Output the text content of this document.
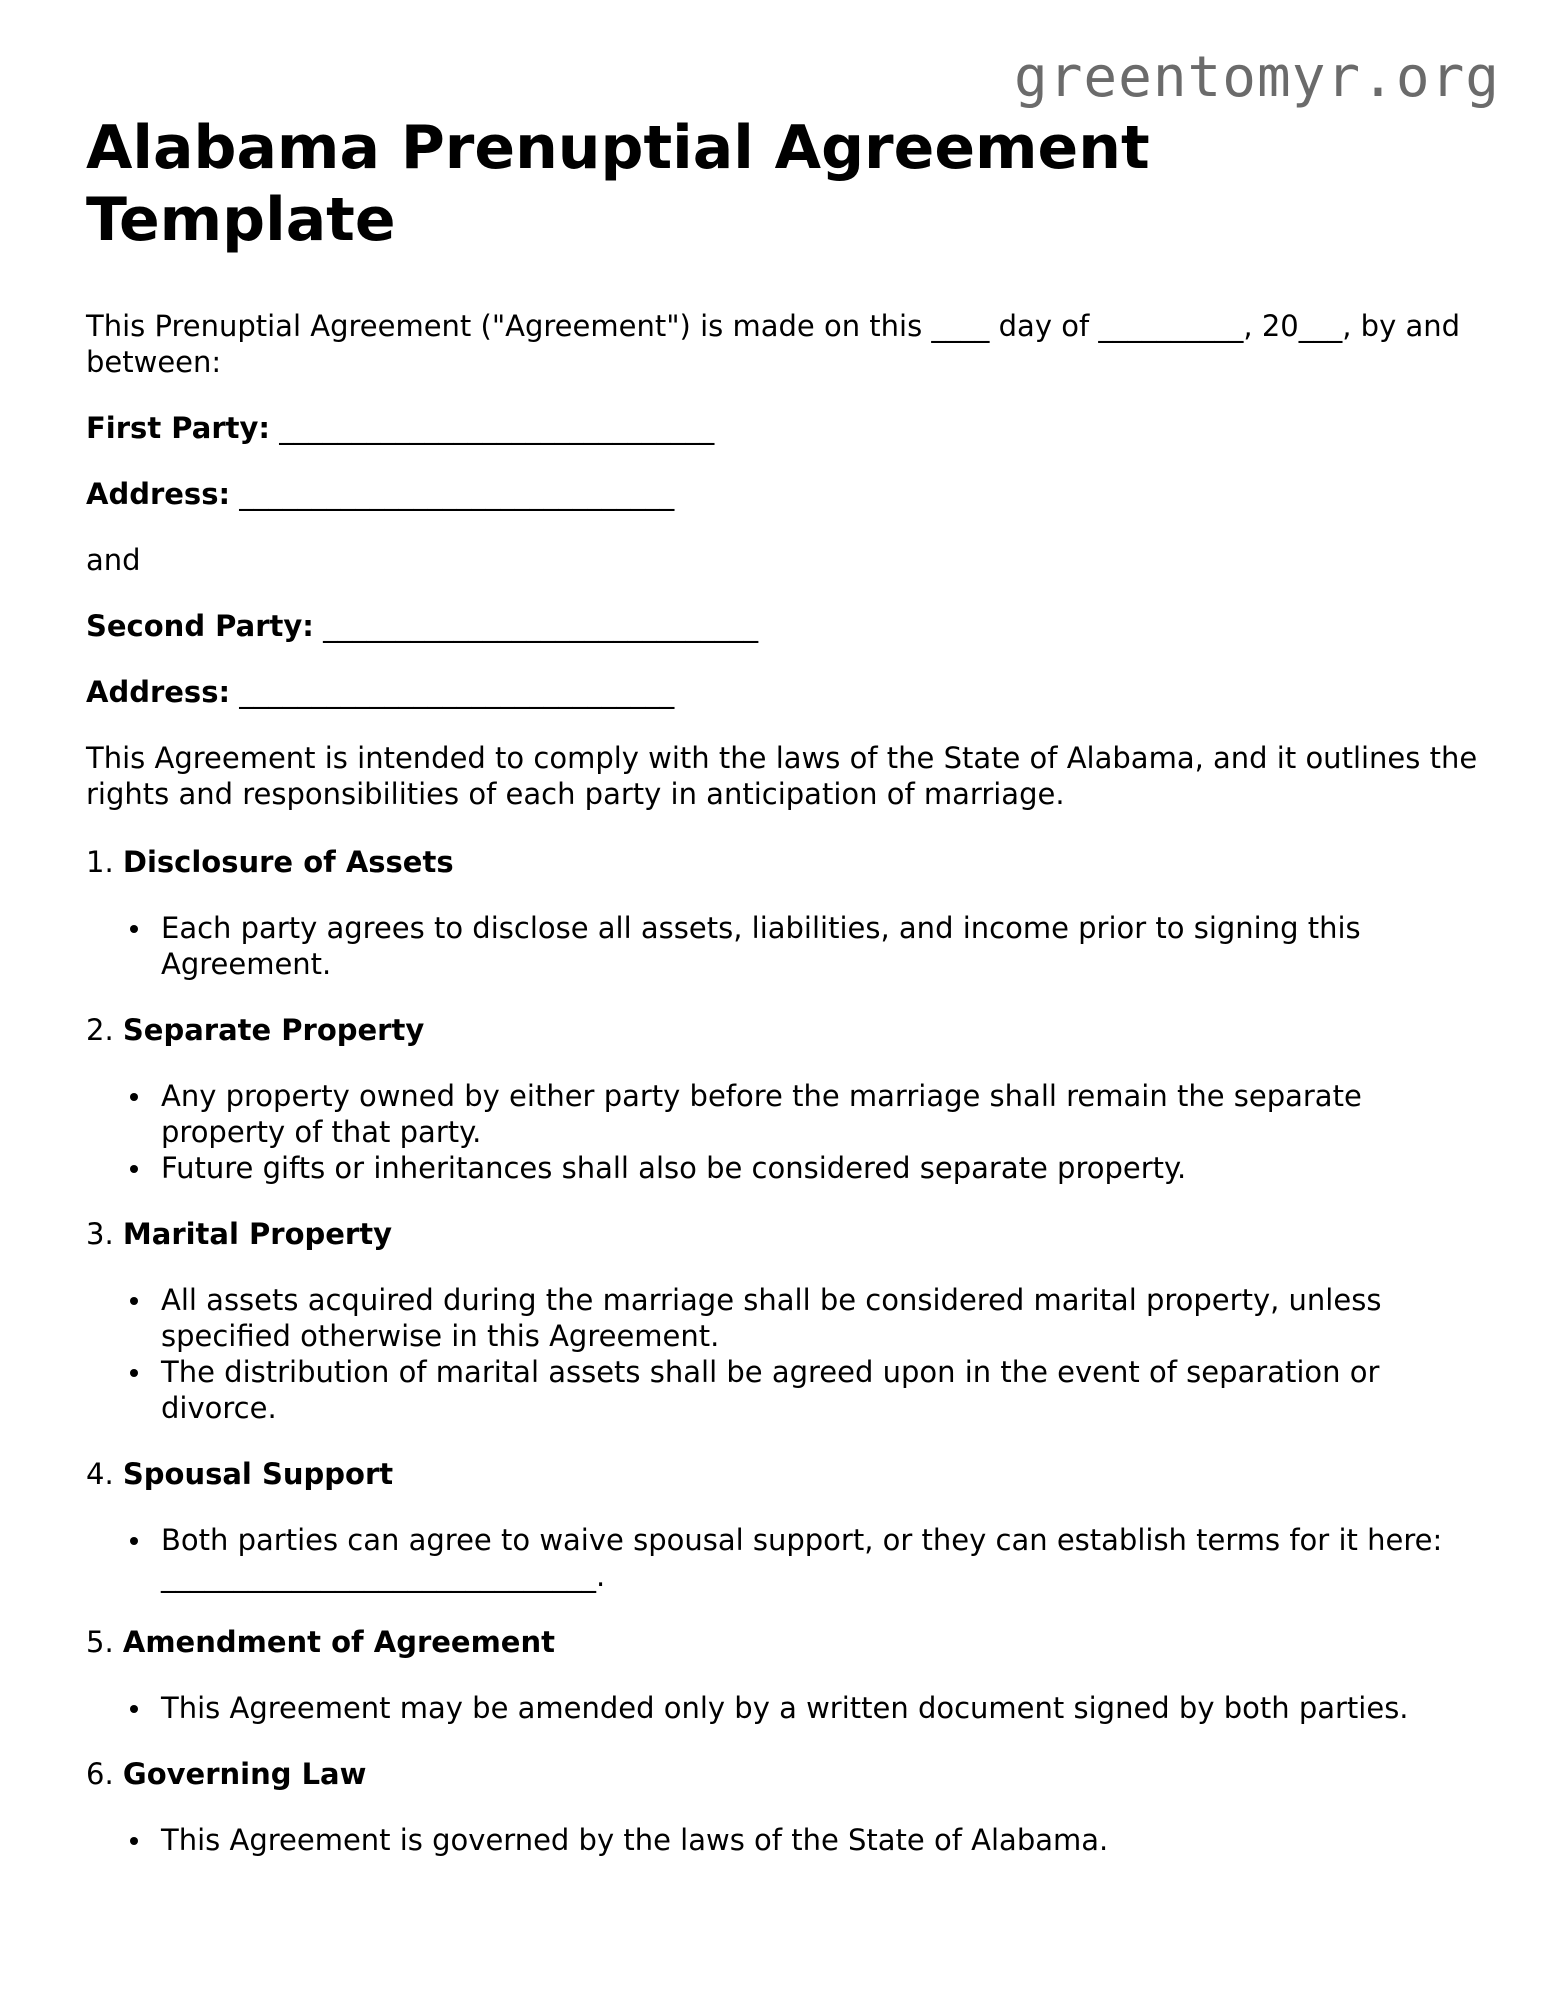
greentomyr.org
Alabama Prenuptial Agreement Template

This Prenuptial Agreement ("Agreement") is made on this ____ day of __________, 20___, by and between:

First Party: ______________________________

Address: ______________________________

and

Second Party: ______________________________

Address: ______________________________

This Agreement is intended to comply with the laws of the State of Alabama, and it outlines the rights and responsibilities of each party in anticipation of marriage.

1. Disclosure of Assets
Each party agrees to disclose all assets, liabilities, and income prior to signing this Agreement.
2. Separate Property
Any property owned by either party before the marriage shall remain the separate property of that party.
Future gifts or inheritances shall also be considered separate property.
3. Marital Property
All assets acquired during the marriage shall be considered marital property, unless specified otherwise in this Agreement.
The distribution of marital assets shall be agreed upon in the event of separation or divorce.
4. Spousal Support
Both parties can agree to waive spousal support, or they can establish terms for it here: ______________________________.
5. Amendment of Agreement
This Agreement may be amended only by a written document signed by both parties.
6. Governing Law
This Agreement is governed by the laws of the State of Alabama.
